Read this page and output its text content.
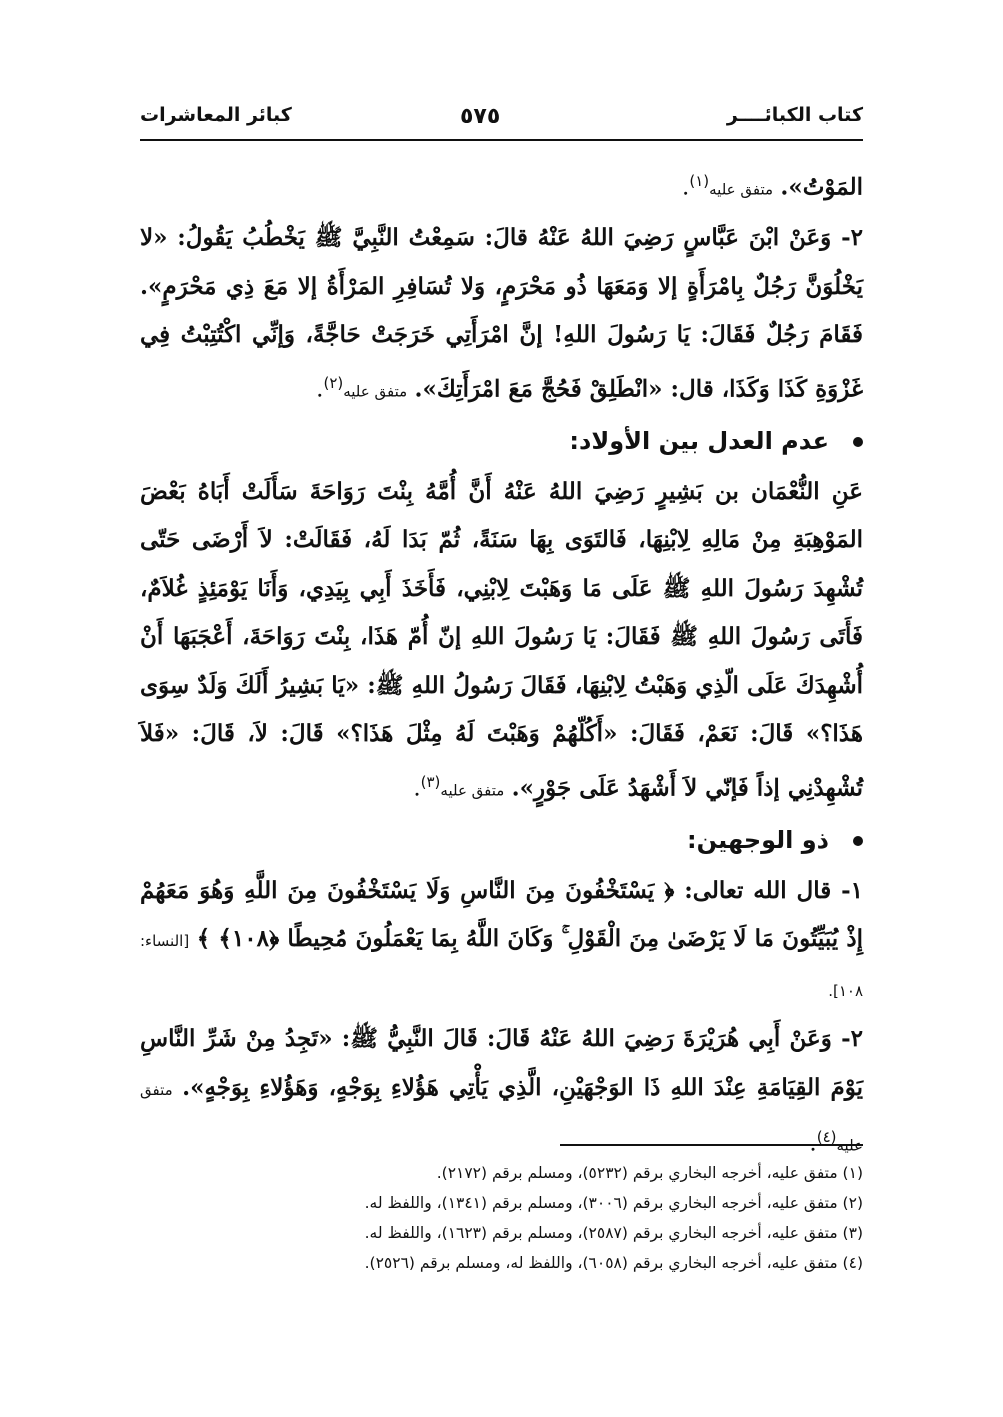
كتاب الكبائــــر
٥٧٥
كبائر المعاشرات

المَوْتُ». متفق عليه$^{(١)}$.

٢- وَعَنْ ابْنَ عَبَّاسٍ رَضِيَ اللهُ عَنْهُ قالَ: سَمِعْتُ النَّبِيَّ ﷺ يَخْطُبُ يَقُولُ: «لا يَخْلُوَنَّ رَجُلٌ بِامْرَأَةٍ إلا وَمَعَهَا ذُو مَحْرَمٍ، وَلا تُسَافِرِ المَرْأَةُ إلا مَعَ ذِي مَحْرَمٍ». فَقَامَ رَجُلٌ فَقَالَ: يَا رَسُولَ اللهِ! إنَّ امْرَأَتِي خَرَجَتْ حَاجَّةً، وَإنِّي اكْتُتِبْتُ فِي غَزْوَةِ كَذَا وَكَذَا، قال: «انْطَلِقْ فَحُجَّ مَعَ امْرَأَتِكَ». متفق عليه$^{(٢)}$.

عدم العدل بين الأولاد:

عَنِ النُّعْمَان بن بَشِيرٍ رَضِيَ اللهُ عَنْهُ أَنَّ أُمَّهُ بِنْتَ رَوَاحَةَ سَأَلَتْ أَبَاهُ بَعْضَ المَوْهِبَةِ مِنْ مَالِهِ لِابْنِهَا، فَالتَوَى بِهَا سَنَةً، ثُمّ بَدَا لَهُ، فَقَالَتْ: لاَ أَرْضَى حَتّى تُشْهِدَ رَسُولَ اللهِ ﷺ عَلَى مَا وَهَبْتَ لِابْنِي، فَأَخَذَ أَبِي بِيَدِي، وَأَنَا يَوْمَئِذٍ غُلاَمٌ، فَأَتَى رَسُولَ اللهِ ﷺ فَقَالَ: يَا رَسُولَ اللهِ إنّ أُمّ هَذَا، بِنْتَ رَوَاحَةَ، أَعْجَبَهَا أَنْ أُشْهِدَكَ عَلَى الّذِي وَهَبْتُ لِابْنِهَا، فَقَالَ رَسُولُ اللهِ ﷺ: «يَا بَشِيرُ أَلَكَ وَلَدٌ سِوَى هَذَا؟» قَالَ: نَعَمْ، فَقَالَ: «أَكُلّهُمْ وَهَبْتَ لَهُ مِثْلَ هَذَا؟» قَالَ: لاَ، قَالَ: «فَلاَ تُشْهِدْنِي إذاً فَإنّي لاَ أَشْهَدُ عَلَى جَوْرٍ». متفق عليه$^{(٣)}$.

ذو الوجهين:

١- قال الله تعالى: ﴿ يَسْتَخْفُونَ مِنَ النَّاسِ وَلَا يَسْتَخْفُونَ مِنَ اللَّهِ وَهُوَ مَعَهُمْ إِذْ يُبَيِّتُونَ مَا لَا يَرْضَىٰ مِنَ الْقَوْلِ ۚ وَكَانَ اللَّهُ بِمَا يَعْمَلُونَ مُحِيطًا ﴿١٠٨﴾ ﴾ [النساء: ١٠٨].

٢- وَعَنْ أَبِي هُرَيْرَةَ رَضِيَ اللهُ عَنْهُ قَالَ: قَالَ النَّبِيُّ ﷺ: «تَجِدُ مِنْ شَرِّ النَّاسِ يَوْمَ القِيَامَةِ عِنْدَ اللهِ ذَا الوَجْهَيْنِ، الَّذِي يَأْتِي هَؤُلاءِ بِوَجْهٍ، وَهَؤُلاءِ بِوَجْهٍ». متفق عليه$^{(٤)}$.

(١) متفق عليه، أخرجه البخاري برقم (٥٢٣٢)، ومسلم برقم (٢١٧٢).

(٢) متفق عليه، أخرجه البخاري برقم (٣٠٠٦)، ومسلم برقم (١٣٤١)، واللفظ له.

(٣) متفق عليه، أخرجه البخاري برقم (٢٥٨٧)، ومسلم برقم (١٦٢٣)، واللفظ له.

(٤) متفق عليه، أخرجه البخاري برقم (٦٠٥٨)، واللفظ له، ومسلم برقم (٢٥٢٦).
